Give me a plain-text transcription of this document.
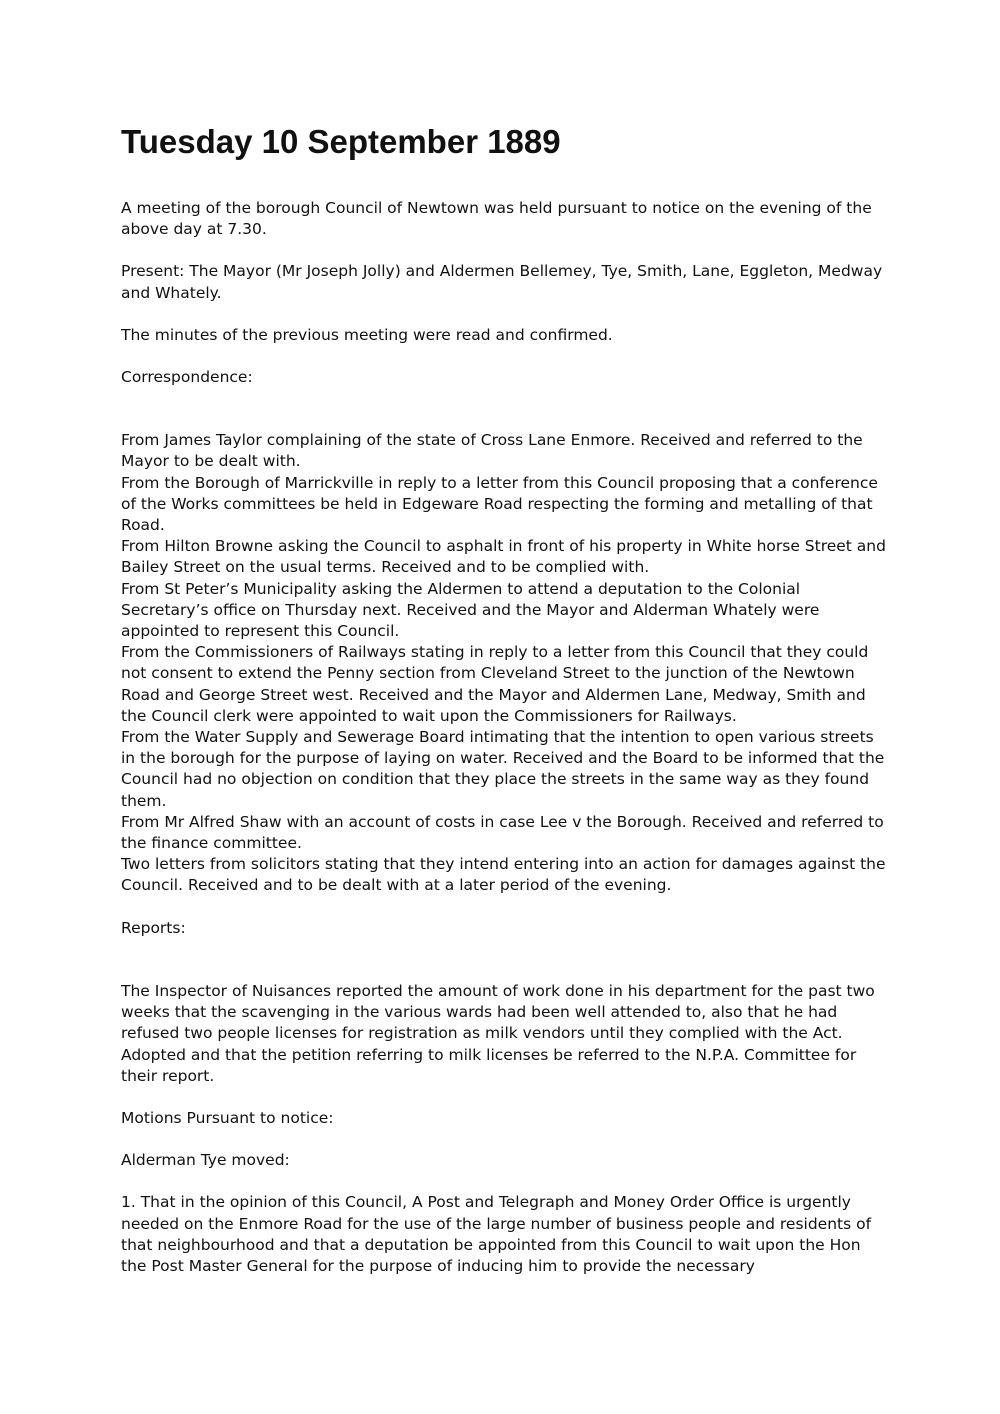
Tuesday 10 September 1889

A meeting of the borough Council of Newtown was held pursuant to notice on the evening of the above day at 7.30.

Present: The Mayor (Mr Joseph Jolly) and Aldermen Bellemey, Tye, Smith, Lane, Eggleton, Medway and Whately.

The minutes of the previous meeting were read and confirmed.

Correspondence:

From James Taylor complaining of the state of Cross Lane Enmore. Received and referred to the Mayor to be dealt with.

From the Borough of Marrickville in reply to a letter from this Council proposing that a conference of the Works committees be held in Edgeware Road respecting the forming and metalling of that Road.

From Hilton Browne asking the Council to asphalt in front of his property in White horse Street and Bailey Street on the usual terms. Received and to be complied with.

From St Peter’s Municipality asking the Aldermen to attend a deputation to the Colonial Secretary’s office on Thursday next. Received and the Mayor and Alderman Whately were appointed to represent this Council.

From the Commissioners of Railways stating in reply to a letter from this Council that they could not consent to extend the Penny section from Cleveland Street to the junction of the Newtown Road and George Street west. Received and the Mayor and Aldermen Lane, Medway, Smith and the Council clerk were appointed to wait upon the Commissioners for Railways.

From the Water Supply and Sewerage Board intimating that the intention to open various streets in the borough for the purpose of laying on water. Received and the Board to be informed that the Council had no objection on condition that they place the streets in the same way as they found them.

From Mr Alfred Shaw with an account of costs in case Lee v the Borough. Received and referred to the finance committee.

Two letters from solicitors stating that they intend entering into an action for damages against the Council. Received and to be dealt with at a later period of the evening.

Reports:

The Inspector of Nuisances reported the amount of work done in his department for the past two weeks that the scavenging in the various wards had been well attended to, also that he had refused two people licenses for registration as milk vendors until they complied with the Act. Adopted and that the petition referring to milk licenses be referred to the N.P.A. Committee for their report.

Motions Pursuant to notice:

Alderman Tye moved:

1. That in the opinion of this Council, A Post and Telegraph and Money Order Office is urgently needed on the Enmore Road for the use of the large number of business people and residents of that neighbourhood and that a deputation be appointed from this Council to wait upon the Hon the Post Master General for the purpose of inducing him to provide the necessary
